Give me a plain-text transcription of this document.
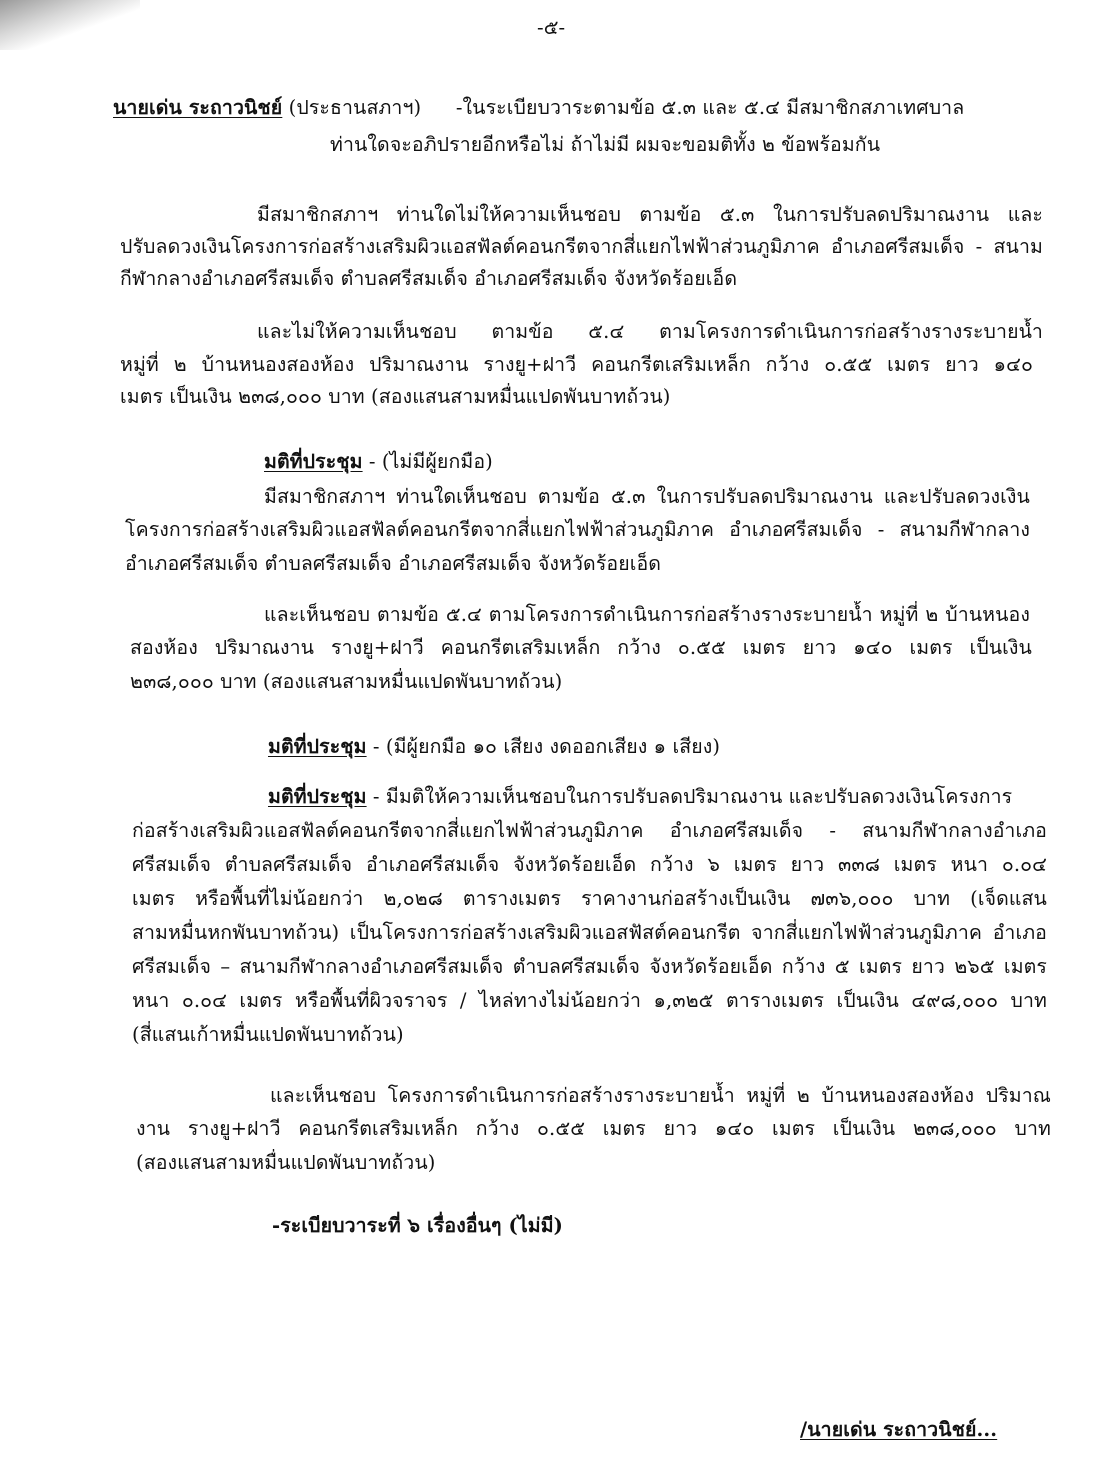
-๕-
นายเด่น ระถาวนิชย์ (ประธานสภาฯ) -ในระเบียบวาระตามข้อ ๕.๓ และ ๕.๔ มีสมาชิกสภาเทศบาล
ท่านใดจะอภิปรายอีกหรือไม่ ถ้าไม่มี ผมจะขอมติทั้ง ๒ ข้อพร้อมกัน
มีสมาชิกสภาฯ ท่านใดไม่ให้ความเห็นชอบ ตามข้อ ๕.๓ ในการปรับลดปริมาณงาน และ
ปรับลดวงเงินโครงการก่อสร้างเสริมผิวแอสฟัลต์คอนกรีตจากสี่แยกไฟฟ้าส่วนภูมิภาค อำเภอศรีสมเด็จ - สนาม
กีฬากลางอำเภอศรีสมเด็จ ตำบลศรีสมเด็จ อำเภอศรีสมเด็จ จังหวัดร้อยเอ็ด
และไม่ให้ความเห็นชอบ ตามข้อ ๕.๔ ตามโครงการดำเนินการก่อสร้างรางระบายน้ำ
หมู่ที่ ๒ บ้านหนองสองห้อง ปริมาณงาน รางยู+ฝาวี คอนกรีตเสริมเหล็ก กว้าง ๐.๕๕ เมตร ยาว ๑๔๐
เมตร เป็นเงิน ๒๓๘,๐๐๐ บาท (สองแสนสามหมื่นแปดพันบาทถ้วน)
มติที่ประชุม - (ไม่มีผู้ยกมือ)
มีสมาชิกสภาฯ ท่านใดเห็นชอบ ตามข้อ ๕.๓ ในการปรับลดปริมาณงาน และปรับลดวงเงิน
โครงการก่อสร้างเสริมผิวแอสฟัลต์คอนกรีตจากสี่แยกไฟฟ้าส่วนภูมิภาค อำเภอศรีสมเด็จ - สนามกีฬากลาง
อำเภอศรีสมเด็จ ตำบลศรีสมเด็จ อำเภอศรีสมเด็จ จังหวัดร้อยเอ็ด
และเห็นชอบ ตามข้อ ๕.๔ ตามโครงการดำเนินการก่อสร้างรางระบายน้ำ หมู่ที่ ๒ บ้านหนอง
สองห้อง ปริมาณงาน รางยู+ฝาวี คอนกรีตเสริมเหล็ก กว้าง ๐.๕๕ เมตร ยาว ๑๔๐ เมตร เป็นเงิน
๒๓๘,๐๐๐ บาท (สองแสนสามหมื่นแปดพันบาทถ้วน)
มติที่ประชุม - (มีผู้ยกมือ ๑๐ เสียง งดออกเสียง ๑ เสียง)
มติที่ประชุม - มีมติให้ความเห็นชอบในการปรับลดปริมาณงาน และปรับลดวงเงินโครงการ
ก่อสร้างเสริมผิวแอสฟัลต์คอนกรีตจากสี่แยกไฟฟ้าส่วนภูมิภาค อำเภอศรีสมเด็จ - สนามกีฬากลางอำเภอ
ศรีสมเด็จ ตำบลศรีสมเด็จ อำเภอศรีสมเด็จ จังหวัดร้อยเอ็ด กว้าง ๖ เมตร ยาว ๓๓๘ เมตร หนา ๐.๐๔
เมตร หรือพื้นที่ไม่น้อยกว่า ๒,๐๒๘ ตารางเมตร ราคางานก่อสร้างเป็นเงิน ๗๓๖,๐๐๐ บาท (เจ็ดแสน
สามหมื่นหกพันบาทถ้วน) เป็นโครงการก่อสร้างเสริมผิวแอสฟัสต์คอนกรีต จากสี่แยกไฟฟ้าส่วนภูมิภาค อำเภอ
ศรีสมเด็จ – สนามกีฬากลางอำเภอศรีสมเด็จ ตำบลศรีสมเด็จ จังหวัดร้อยเอ็ด กว้าง ๕ เมตร ยาว ๒๖๕ เมตร
หนา ๐.๐๔ เมตร หรือพื้นที่ผิวจราจร / ไหล่ทางไม่น้อยกว่า ๑,๓๒๕ ตารางเมตร เป็นเงิน ๔๙๘,๐๐๐ บาท
(สี่แสนเก้าหมื่นแปดพันบาทถ้วน)
และเห็นชอบ โครงการดำเนินการก่อสร้างรางระบายน้ำ หมู่ที่ ๒ บ้านหนองสองห้อง ปริมาณ
งาน รางยู+ฝาวี คอนกรีตเสริมเหล็ก กว้าง ๐.๕๕ เมตร ยาว ๑๔๐ เมตร เป็นเงิน ๒๓๘,๐๐๐ บาท
(สองแสนสามหมื่นแปดพันบาทถ้วน)
-ระเบียบวาระที่ ๖ เรื่องอื่นๆ (ไม่มี)
/นายเด่น ระถาวนิชย์...
